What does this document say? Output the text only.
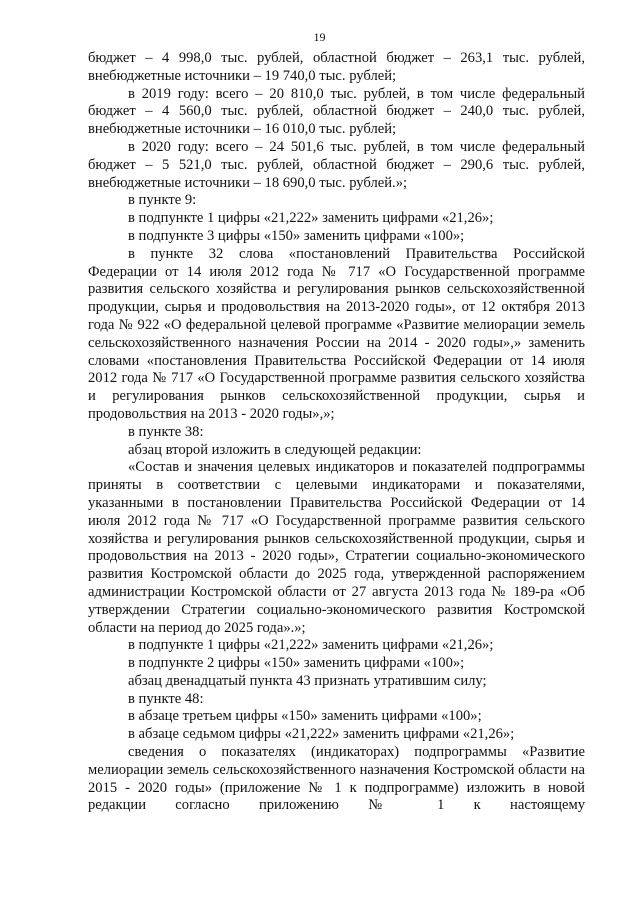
19

бюджет – 4 998,0 тыс. рублей, областной бюджет – 263,1 тыс. рублей, внебюджетные источники – 19 740,0 тыс. рублей;

в 2019 году: всего – 20 810,0 тыс. рублей, в том числе федеральный бюджет – 4 560,0 тыс. рублей, областной бюджет – 240,0 тыс. рублей, внебюджетные источники – 16 010,0 тыс. рублей;

в 2020 году: всего – 24 501,6 тыс. рублей, в том числе федеральный бюджет – 5 521,0 тыс. рублей, областной бюджет – 290,6 тыс. рублей, внебюджетные источники – 18 690,0 тыс. рублей.»;

в пункте 9:

в подпункте 1 цифры «21,222» заменить цифрами «21,26»;

в подпункте 3 цифры «150» заменить цифрами «100»;

в пункте 32 слова «постановлений Правительства Российской Федерации от 14 июля 2012 года № 717 «О Государственной программе развития сельского хозяйства и регулирования рынков сельскохозяйственной продукции, сырья и продовольствия на 2013-2020 годы», от 12 октября 2013 года № 922 «О федеральной целевой программе «Развитие мелиорации земель сельскохозяйственного назначения России на 2014 - 2020 годы»,» заменить словами «постановления Правительства Российской Федерации от 14 июля 2012 года № 717 «О Государственной программе развития сельского хозяйства и регулирования рынков сельскохозяйственной продукции, сырья и продовольствия на 2013 - 2020 годы»,»;

в пункте 38:

абзац второй изложить в следующей редакции:

«Состав и значения целевых индикаторов и показателей подпрограммы приняты в соответствии с целевыми индикаторами и показателями, указанными в постановлении Правительства Российской Федерации от 14 июля 2012 года № 717 «О Государственной программе развития сельского хозяйства и регулирования рынков сельскохозяйственной продукции, сырья и продовольствия на 2013 - 2020 годы», Стратегии социально-экономического развития Костромской области до 2025 года, утвержденной распоряжением администрации Костромской области от 27 августа 2013 года № 189-ра «Об утверждении Стратегии социально-экономического развития Костромской области на период до 2025 года».»;

в подпункте 1 цифры «21,222» заменить цифрами «21,26»;

в подпункте 2 цифры «150» заменить цифрами «100»;

абзац двенадцатый пункта 43 признать утратившим силу;

в пункте 48:

в абзаце третьем цифры «150» заменить цифрами «100»;

в абзаце седьмом цифры «21,222» заменить цифрами «21,26»;

сведения о показателях (индикаторах) подпрограммы «Развитие мелиорации земель сельскохозяйственного назначения Костромской области на 2015 - 2020 годы» (приложение № 1 к подпрограмме) изложить в новой редакции согласно приложению № 1 к настоящему
